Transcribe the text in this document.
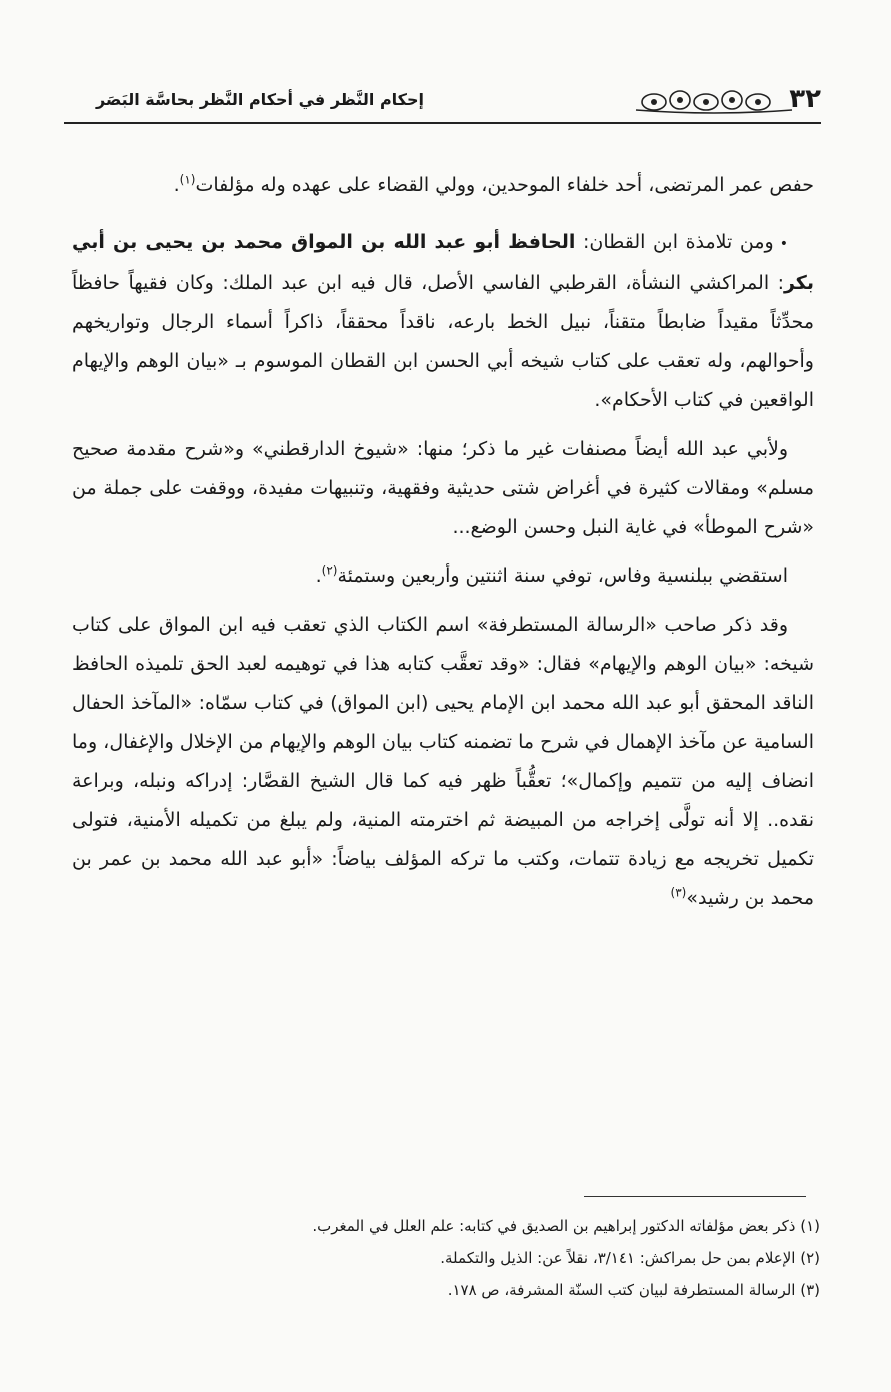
٣٢
إحكام النَّظر في أحكام النَّظر بحاسَّة البَصَر

حفص عمر المرتضى، أحد خلفاء الموحدين، وولي القضاء على عهده وله مؤلفات$^{(١)}$.

•ومن تلامذة ابن القطان: الحافظ أبو عبد الله بن المواق محمد بن يحيى بن أبي بكر: المراكشي النشأة، القرطبي الفاسي الأصل، قال فيه ابن عبد الملك: وكان فقيهاً حافظاً محدِّثاً مقيداً ضابطاً متقناً، نبيل الخط بارعه، ناقداً محققاً، ذاكراً أسماء الرجال وتواريخهم وأحوالهم، وله تعقب على كتاب شيخه أبي الحسن ابن القطان الموسوم بـ «بيان الوهم والإيهام الواقعين في كتاب الأحكام».

ولأبي عبد الله أيضاً مصنفات غير ما ذكر؛ منها: «شيوخ الدارقطني» و«شرح مقدمة صحيح مسلم» ومقالات كثيرة في أغراض شتى حديثية وفقهية، وتنبيهات مفيدة، ووقفت على جملة من «شرح الموطأ» في غاية النبل وحسن الوضع...

استقضي ببلنسية وفاس، توفي سنة اثنتين وأربعين وستمئة$^{(٢)}$.

وقد ذكر صاحب «الرسالة المستطرفة» اسم الكتاب الذي تعقب فيه ابن المواق على كتاب شيخه: «بيان الوهم والإيهام» فقال: «وقد تعقَّب كتابه هذا في توهيمه لعبد الحق تلميذه الحافظ الناقد المحقق أبو عبد الله محمد ابن الإمام يحيى (ابن المواق) في كتاب سمّاه: «المآخذ الحفال السامية عن مآخذ الإهمال في شرح ما تضمنه كتاب بيان الوهم والإيهام من الإخلال والإغفال، وما انضاف إليه من تتميم وإكمال»؛ تعقُّباً ظهر فيه كما قال الشيخ القصَّار: إدراكه ونبله، وبراعة نقده.. إلا أنه تولَّى إخراجه من المبيضة ثم اخترمته المنية، ولم يبلغ من تكميله الأمنية، فتولى تكميل تخريجه مع زيادة تتمات، وكتب ما تركه المؤلف بياضاً: «أبو عبد الله محمد بن عمر بن محمد بن رشيد»$^{(٣)}$

(١) ذكر بعض مؤلفاته الدكتور إبراهيم بن الصديق في كتابه: علم العلل في المغرب.

(٢) الإعلام بمن حل بمراكش: ٣/١٤١، نقلاً عن: الذيل والتكملة.

(٣) الرسالة المستطرفة لبيان كتب السنّة المشرفة، ص ١٧٨.
